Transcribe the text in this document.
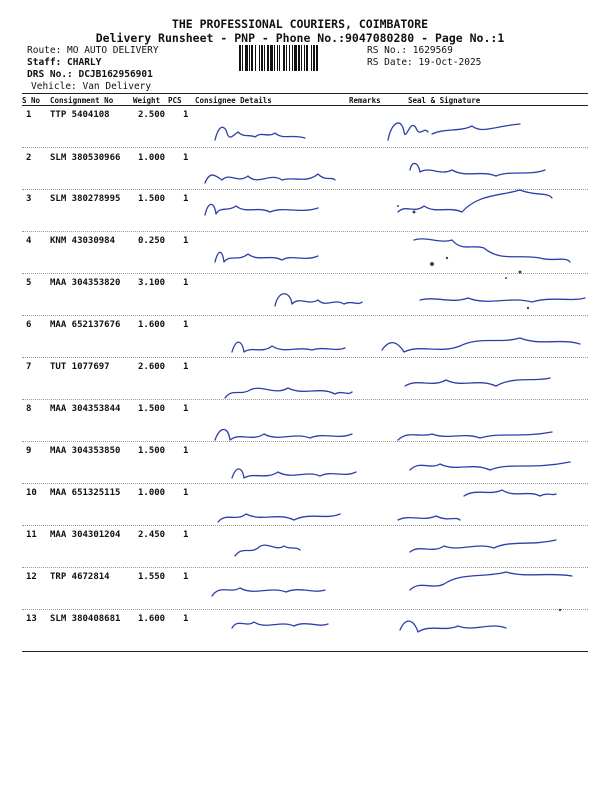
THE PROFESSIONAL COURIERS, COIMBATORE
Delivery Runsheet - PNP - Phone No.:9047080280 - Page No.:1
Route: MO AUTO DELIVERY
Staff: CHARLY
DRS No.: DCJB162956901
Vehicle: Van Delivery
RS No.: 1629569
RS Date: 19-Oct-2025
S No Consignment No	Weight PCS Consignee Details	Remarks	Seal & Signature
1 TTP 5404108	2.500 1
2 SLM 380530966 1.000 1
3 SLM 380278995 1.500 1
4 KNM 43030984	0.250 1
5 MAA 304353820 3.100 1
6 MAA 652137676 1.600 1
7 TUT 1077697	2.600 1
8 MAA 304353844 1.500 1
9 MAA 304353850 1.500 1
10 MAA 651325115 1.000 1
11 MAA 304301204 2.450 1
12 TRP 4672814	1.550 1
13 SLM 380408681 1.600 1
